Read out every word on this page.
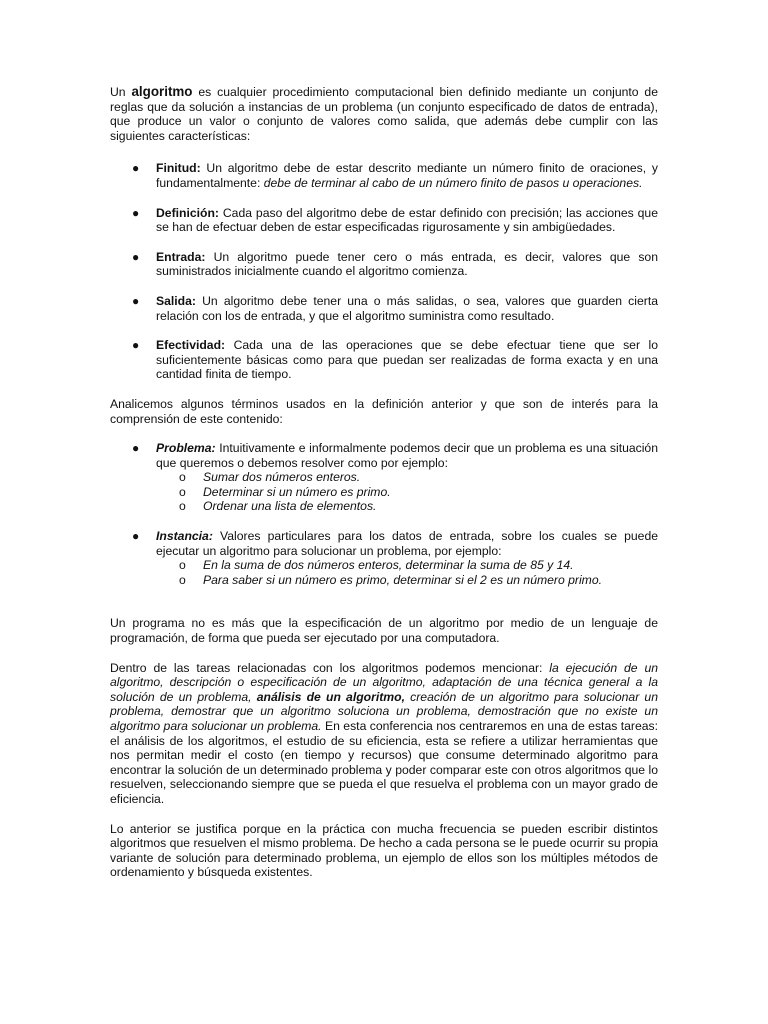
Un algoritmo es cualquier procedimiento computacional bien definido mediante un conjunto de reglas que da solución a instancias de un problema (un conjunto especificado de datos de entrada), que produce un valor o conjunto de valores como salida, que además debe cumplir con las siguientes características:

● Finitud: Un algoritmo debe de estar descrito mediante un número finito de oraciones, y fundamentalmente: debe de terminar al cabo de un número finito de pasos u operaciones.
● Definición: Cada paso del algoritmo debe de estar definido con precisión; las acciones que se han de efectuar deben de estar especificadas rigurosamente y sin ambigüedades.
● Entrada: Un algoritmo puede tener cero o más entrada, es decir, valores que son suministrados inicialmente cuando el algoritmo comienza.
● Salida: Un algoritmo debe tener una o más salidas, o sea, valores que guarden cierta relación con los de entrada, y que el algoritmo suministra como resultado.
● Efectividad: Cada una de las operaciones que se debe efectuar tiene que ser lo suficientemente básicas como para que puedan ser realizadas de forma exacta y en una cantidad finita de tiempo.

Analicemos algunos términos usados en la definición anterior y que son de interés para la comprensión de este contenido:

● Problema: Intuitivamente e informalmente podemos decir que un problema es una situación que queremos o debemos resolver como por ejemplo:
o Sumar dos números enteros.
o Determinar si un número es primo.
o Ordenar una lista de elementos.
● Instancia: Valores particulares para los datos de entrada, sobre los cuales se puede ejecutar un algoritmo para solucionar un problema, por ejemplo:
o En la suma de dos números enteros, determinar la suma de 85 y 14.
o Para saber si un número es primo, determinar si el 2 es un número primo.

Un programa no es más que la especificación de un algoritmo por medio de un lenguaje de programación, de forma que pueda ser ejecutado por una computadora.

Dentro de las tareas relacionadas con los algoritmos podemos mencionar: la ejecución de un algoritmo, descripción o especificación de un algoritmo, adaptación de una técnica general a la solución de un problema, análisis de un algoritmo, creación de un algoritmo para solucionar un problema, demostrar que un algoritmo soluciona un problema, demostración que no existe un algoritmo para solucionar un problema. En esta conferencia nos centraremos en una de estas tareas: el análisis de los algoritmos, el estudio de su eficiencia, esta se refiere a utilizar herramientas que nos permitan medir el costo (en tiempo y recursos) que consume determinado algoritmo para encontrar la solución de un determinado problema y poder comparar este con otros algoritmos que lo resuelven, seleccionando siempre que se pueda el que resuelva el problema con un mayor grado de eficiencia.

Lo anterior se justifica porque en la práctica con mucha frecuencia se pueden escribir distintos algoritmos que resuelven el mismo problema. De hecho a cada persona se le puede ocurrir su propia variante de solución para determinado problema, un ejemplo de ellos son los múltiples métodos de ordenamiento y búsqueda existentes.
